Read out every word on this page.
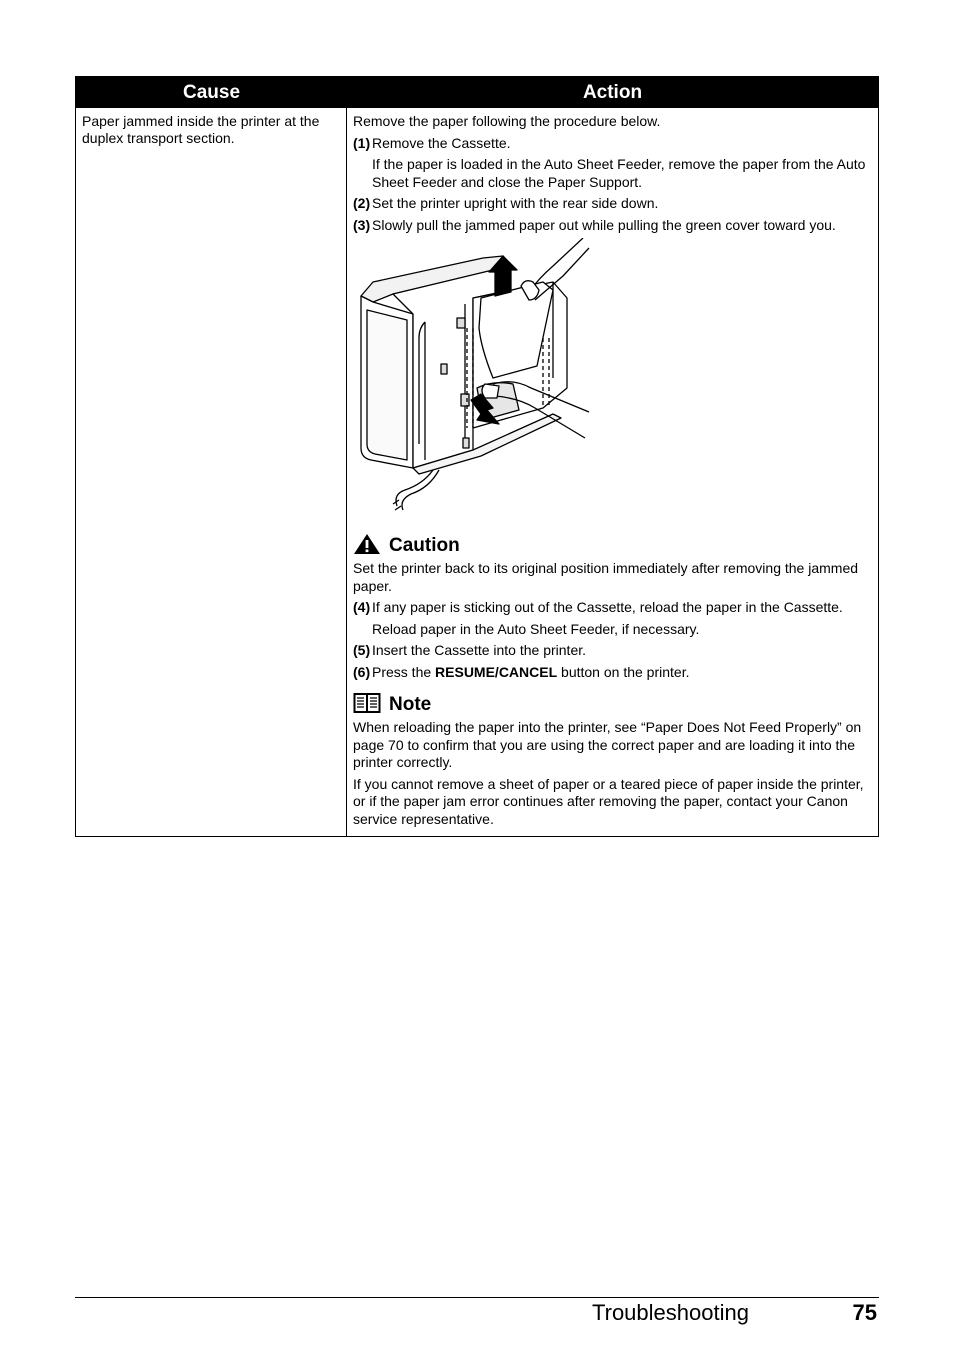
Cause	Action
Paper jammed inside the printer at the duplex transport section.
Remove the paper following the procedure below.
(1) Remove the Cassette.
If the paper is loaded in the Auto Sheet Feeder, remove the paper from the Auto Sheet Feeder and close the Paper Support.
(2) Set the printer upright with the rear side down.
(3) Slowly pull the jammed paper out while pulling the green cover toward you.
Caution
Set the printer back to its original position immediately after removing the jammed paper.
(4) If any paper is sticking out of the Cassette, reload the paper in the Cassette.
Reload paper in the Auto Sheet Feeder, if necessary.
(5) Insert the Cassette into the printer.
(6) Press the RESUME/CANCEL button on the printer.
Note
When reloading the paper into the printer, see “Paper Does Not Feed Properly” on page 70 to confirm that you are using the correct paper and are loading it into the printer correctly.
If you cannot remove a sheet of paper or a teared piece of paper inside the printer, or if the paper jam error continues after removing the paper, contact your Canon service representative.
Troubleshooting	75
